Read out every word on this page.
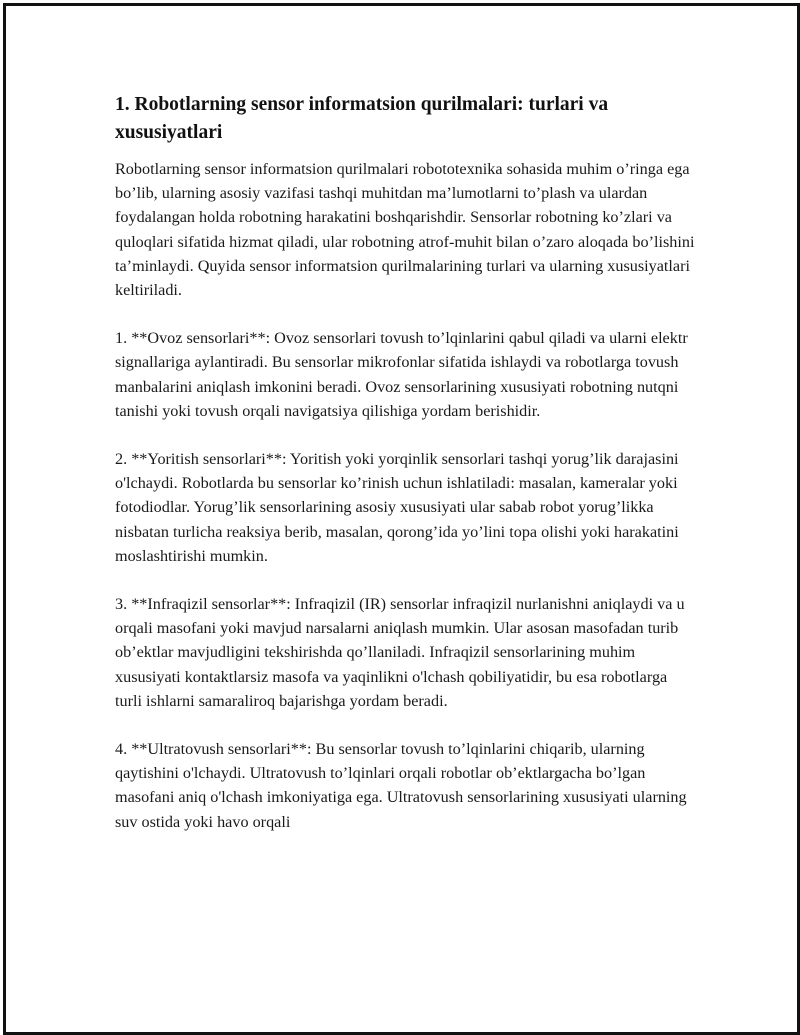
1. Robotlarning sensor informatsion qurilmalari: turlari va xususiyatlari

Robotlarning sensor informatsion qurilmalari robototexnika sohasida muhim o’ringa ega bo’lib, ularning asosiy vazifasi tashqi muhitdan ma’lumotlarni to’plash va ulardan foydalangan holda robotning harakatini boshqarishdir. Sensorlar robotning ko’zlari va quloqlari sifatida hizmat qiladi, ular robotning atrof-muhit bilan o’zaro aloqada bo’lishini ta’minlaydi. Quyida sensor informatsion qurilmalarining turlari va ularning xususiyatlari keltiriladi.

1. **Ovoz sensorlari**: Ovoz sensorlari tovush to’lqinlarini qabul qiladi va ularni elektr signallariga aylantiradi. Bu sensorlar mikrofonlar sifatida ishlaydi va robotlarga tovush manbalarini aniqlash imkonini beradi. Ovoz sensorlarining xususiyati robotning nutqni tanishi yoki tovush orqali navigatsiya qilishiga yordam berishidir.

2. **Yoritish sensorlari**: Yoritish yoki yorqinlik sensorlari tashqi yorug’lik darajasini o'lchaydi. Robotlarda bu sensorlar ko’rinish uchun ishlatiladi: masalan, kameralar yoki fotodiodlar. Yorug’lik sensorlarining asosiy xususiyati ular sabab robot yorug’likka nisbatan turlicha reaksiya berib, masalan, qorong’ida yo’lini topa olishi yoki harakatini moslashtirishi mumkin.

3. **Infraqizil sensorlar**: Infraqizil (IR) sensorlar infraqizil nurlanishni aniqlaydi va u orqali masofani yoki mavjud narsalarni aniqlash mumkin. Ular asosan masofadan turib ob’ektlar mavjudligini tekshirishda qo’llaniladi. Infraqizil sensorlarining muhim xususiyati kontaktlarsiz masofa va yaqinlikni o'lchash qobiliyatidir, bu esa robotlarga turli ishlarni samaraliroq bajarishga yordam beradi.

4. **Ultratovush sensorlari**: Bu sensorlar tovush to’lqinlarini chiqarib, ularning qaytishini o'lchaydi. Ultratovush to’lqinlari orqali robotlar ob’ektlargacha bo’lgan masofani aniq o'lchash imkoniyatiga ega. Ultratovush sensorlarining xususiyati ularning suv ostida yoki havo orqali
